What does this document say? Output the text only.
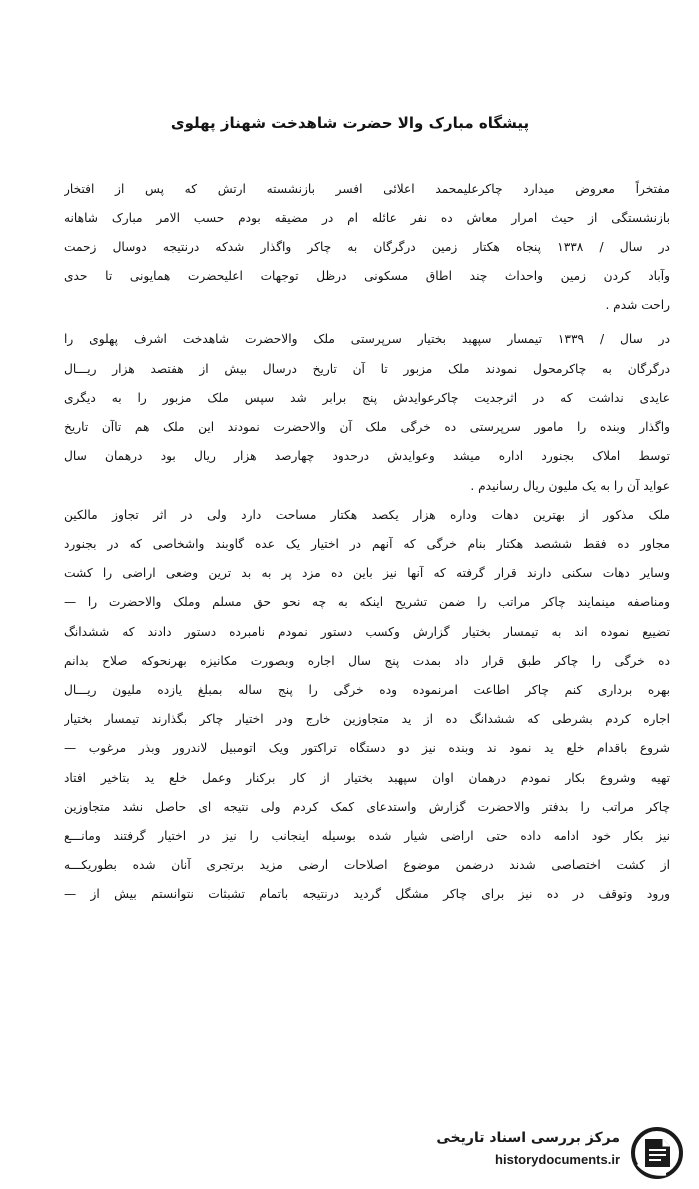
پیشگاه مبارک والا حضرت شاهدخت شهناز پهلوی
مفتخراً معروض میدارد چاکرعلیمحمد اعلائی افسر بازنشسته ارتش که پس از افتخار
بازنشستگی از حیث امرار معاش ده نفر عائله ام در مضیقه بودم حسب الامر مبارک شاهانه
در سال / ۱۳۳۸ پنجاه هکتار زمین درگرگان به چاکر واگذار شدکه درنتیجه دوسال زحمت
وآباد کردن زمین واحداث چند اطاق مسکونی درظل توجهات اعلیحضرت همایونی تا حدی
راحت شدم .
در سال / ۱۳۳۹ تیمسار سپهبد بختیار سرپرستی ملک والاحضرت شاهدخت اشرف پهلوی را
درگرگان به چاکرمحول نمودند ملک مزبور تا آن تاریخ درسال بیش از هفتصد هزار ریـــال
عایدی نداشت که در اثرجدیت چاکرعوایدش پنج برابر شد سپس ملک مزبور را به دیگری
واگذار وبنده را مامور سرپرستی ده خرگی ملک آن والاحضرت نمودند این ملک هم تاآن تاریخ
توسط املاک بجنورد اداره میشد وعوایدش درحدود چهارصد هزار ریال بود درهمان سال
عواید آن را به یک ملیون ریال رسانیدم .
ملک مذکور از بهترین دهات وداره هزار یکصد هکتار مساحت دارد ولی در اثر تجاوز مالکین
مجاور ده فقط ششصد هکتار بنام خرگی که آنهم در اختیار یک عده گاوبند واشخاصی که در بجنورد
وسایر دهات سکنی دارند قرار گرفته که آنها نیز باین ده مزد پر به بد ترین وضعی اراضی را کشت
ومناصفه مینمایند چاکر مراتب را ضمن تشریح اینکه به چه نحو حق مسلم وملک والاحضرت را —
تضییع نموده اند به تیمسار بختیار گزارش وکسب دستور نمودم نامبرده دستور دادند که ششدانگ
ده خرگی را چاکر طبق قرار داد بمدت پنج سال اجاره وبصورت مکانیزه بهرنحوکه صلاح بدانم
بهره برداری کنم چاکر اطاعت امرنموده وده خرگی را پنج ساله بمبلغ یازده ملیون ریـــال
اجاره کردم بشرطی که ششدانگ ده از ید متجاوزین خارج ودر اختیار چاکر بگذارند تیمسار بختیار
شروع باقدام خلع ید نمود ند وبنده نیز دو دستگاه تراکتور ویک اتومبیل لاندرور وبذر مرغوب —
تهیه وشروع بکار نمودم درهمان اوان سپهبد بختیار از کار برکنار وعمل خلع ید بتاخیر افتاد
چاکر مراتب را بدفتر والاحضرت گزارش واستدعای کمک کردم ولی نتیجه ای حاصل نشد متجاوزین
نیز بکار خود ادامه داده حتی اراضی شیار شده بوسیله اینجانب را نیز در اختیار گرفتند ومانـــع
از کشت اختصاصی شدند درضمن موضوع اصلاحات ارضی مزید برتجری آنان شده بطوریکـــه
ورود وتوقف در ده نیز برای چاکر مشگل گردید درنتیجه باتمام تشبثات نتوانستم بیش از —
مرکز بررسی اسناد تاریخی
historydocuments.ir
